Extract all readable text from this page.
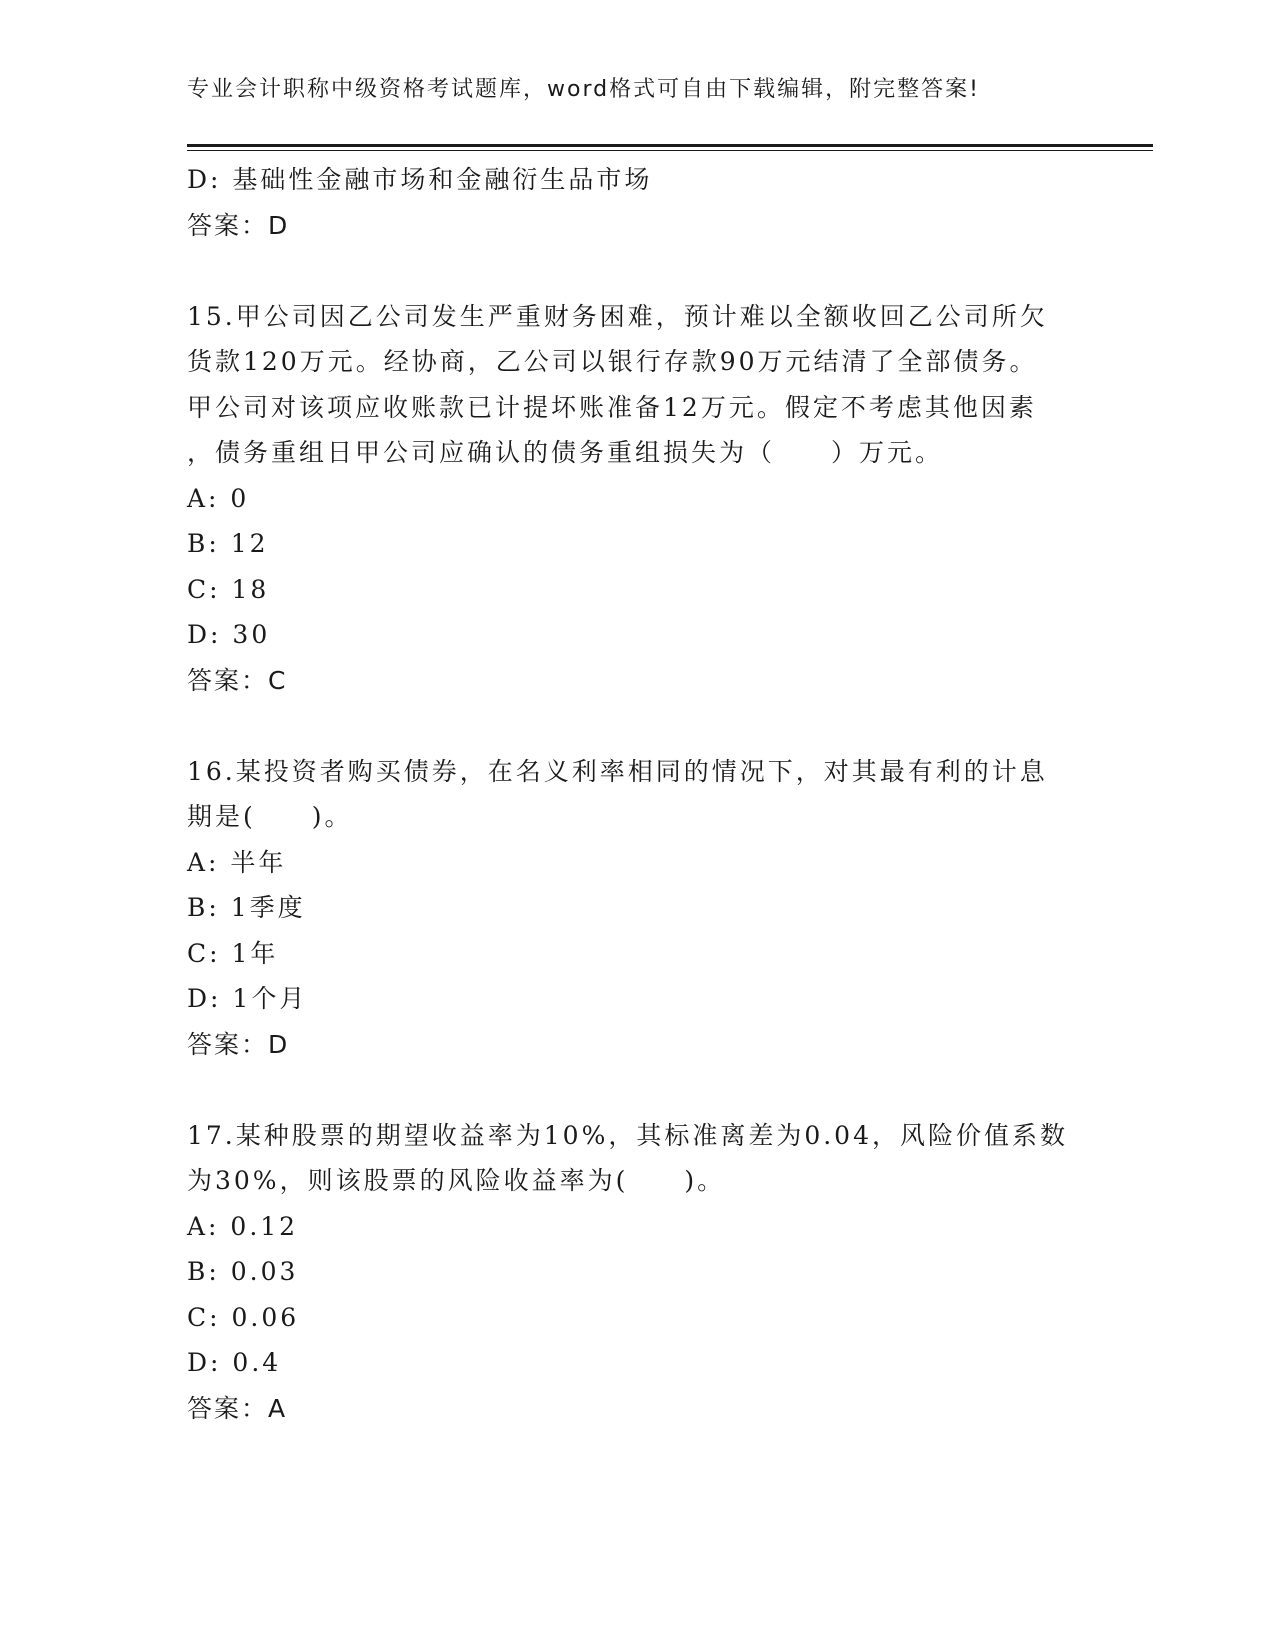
专业会计职称中级资格考试题库，word格式可自由下载编辑，附完整答案!
D: 基础性金融市场和金融衍生品市场
答案：D
15.甲公司因乙公司发生严重财务困难，预计难以全额收回乙公司所欠
货款120万元。经协商，乙公司以银行存款90万元结清了全部债务。
甲公司对该项应收账款已计提坏账准备12万元。假定不考虑其他因素
，债务重组日甲公司应确认的债务重组损失为（　　）万元。
A: 0
B: 12
C: 18
D: 30
答案：C
16.某投资者购买债券，在名义利率相同的情况下，对其最有利的计息
期是(　　)。
A: 半年
B: 1季度
C: 1年
D: 1个月
答案：D
17.某种股票的期望收益率为10%，其标准离差为0.04，风险价值系数
为30%，则该股票的风险收益率为(　　)。
A: 0.12
B: 0.03
C: 0.06
D: 0.4
答案：A
